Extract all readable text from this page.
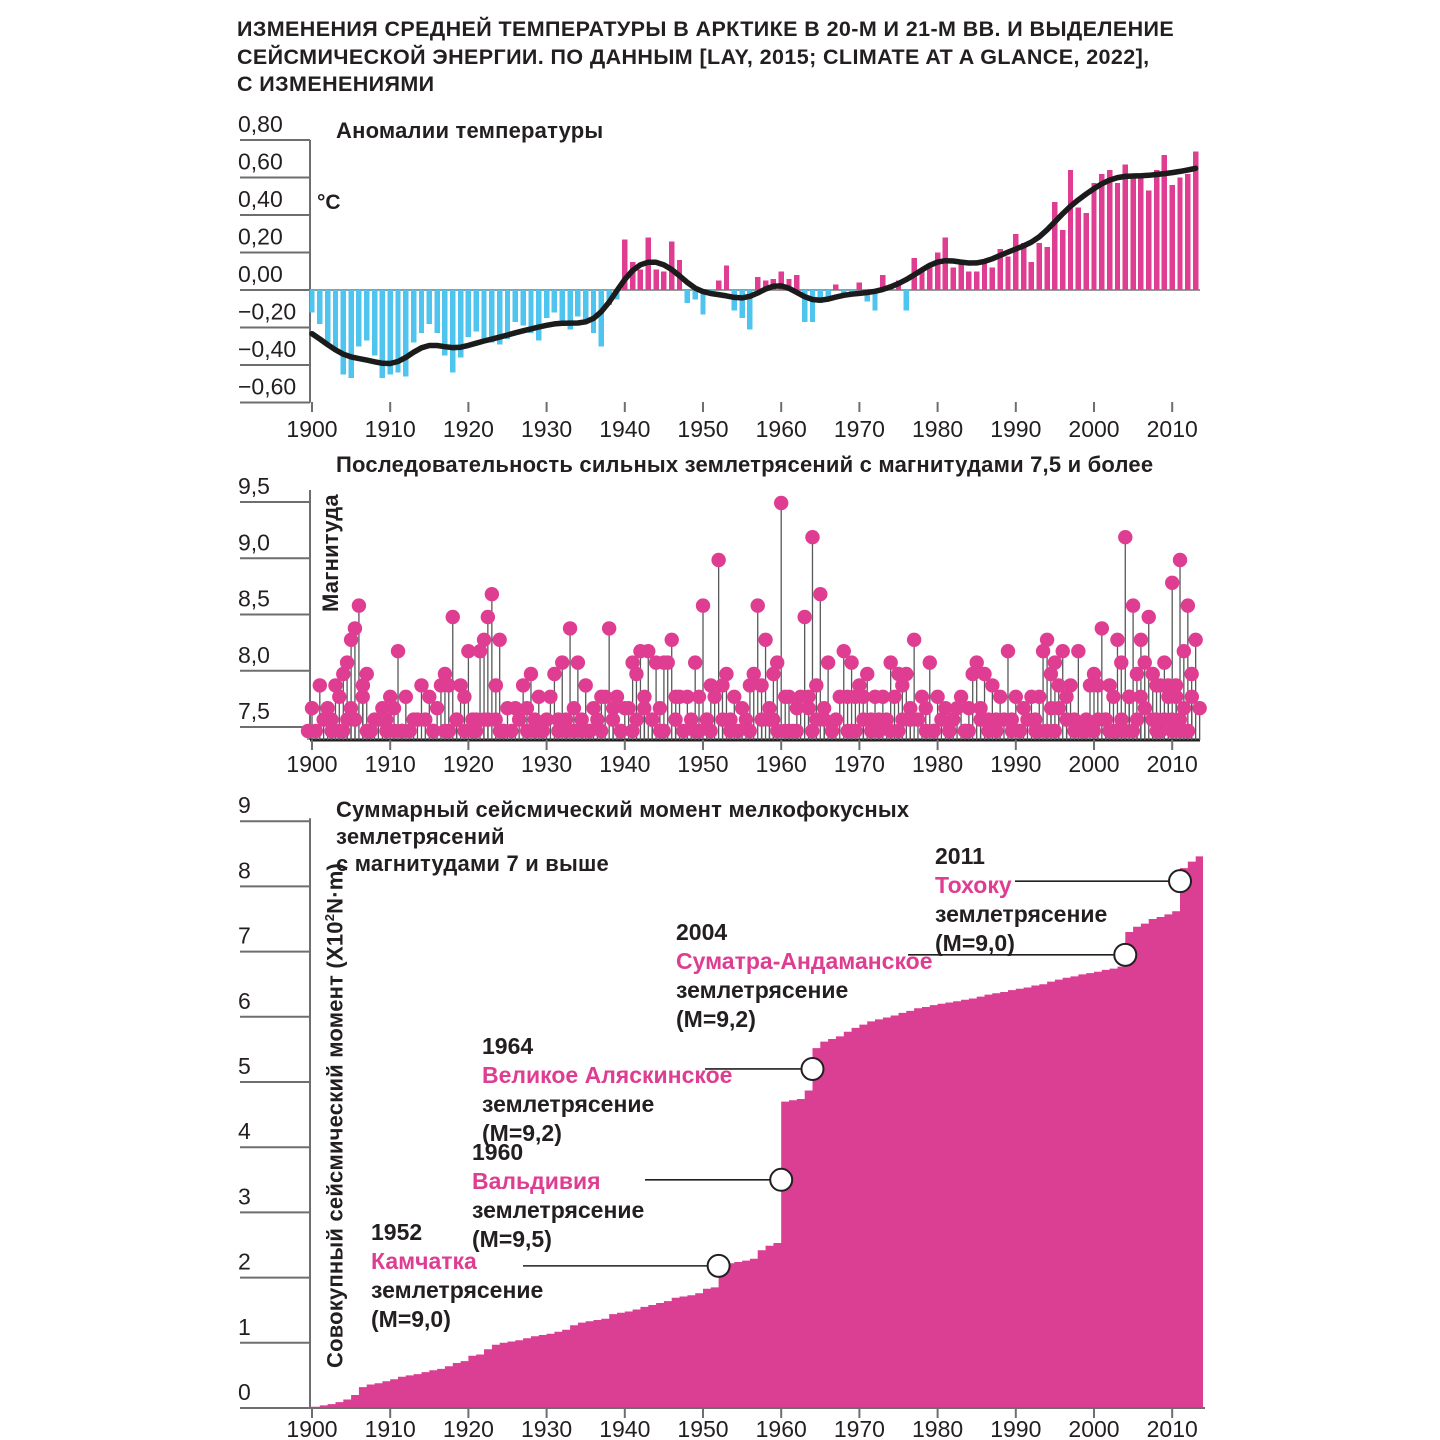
0,80
0,60
0,40
0,20
0,00
−0,20
−0,40
−0,60
1900 1910 1920 1930 1940 1950 1960 1970 1980 1990 2000 2010
9,5
9,0
8,5
8,0
7,5
1900 1910 1920 1930 1940 1950 1960 1970 1980 1990 2000 2010
9
8
7
6
5
4
3
2
1
0
1900 1910 1920 1930 1940 1950 1960 1970 1980 1990 2000 2010
ИЗМЕНЕНИЯ СРЕДНЕЙ ТЕМПЕРАТУРЫ В АРКТИКЕ В 20-М И 21-М ВВ. И ВЫДЕЛЕНИЕ
СЕЙСМИЧЕСКОЙ ЭНЕРГИИ. ПО ДАННЫМ [LAY, 2015; CLIMATE AT A GLANCE, 2022],
С ИЗМЕНЕНИЯМИ
Аномалии температуры
°C
Последовательность сильных землетрясений с магнитудами 7,5 и более
Магнитуда
Суммарный сейсмический момент мелкофокусных землетрясений
с магнитудами 7 и выше
Совокупный сейсмический момент $(X10^2N\cdot m)$
1952
Камчатка
землетрясение
(М=9,0)
1960
Вальдивия
землетрясение
(М=9,5)
1964
Великое Аляскинское
землетрясение
(М=9,2)
2004
Суматра-Андаманское
землетрясение
(М=9,2)
2011
Тохоку
землетрясение
(М=9,0)
